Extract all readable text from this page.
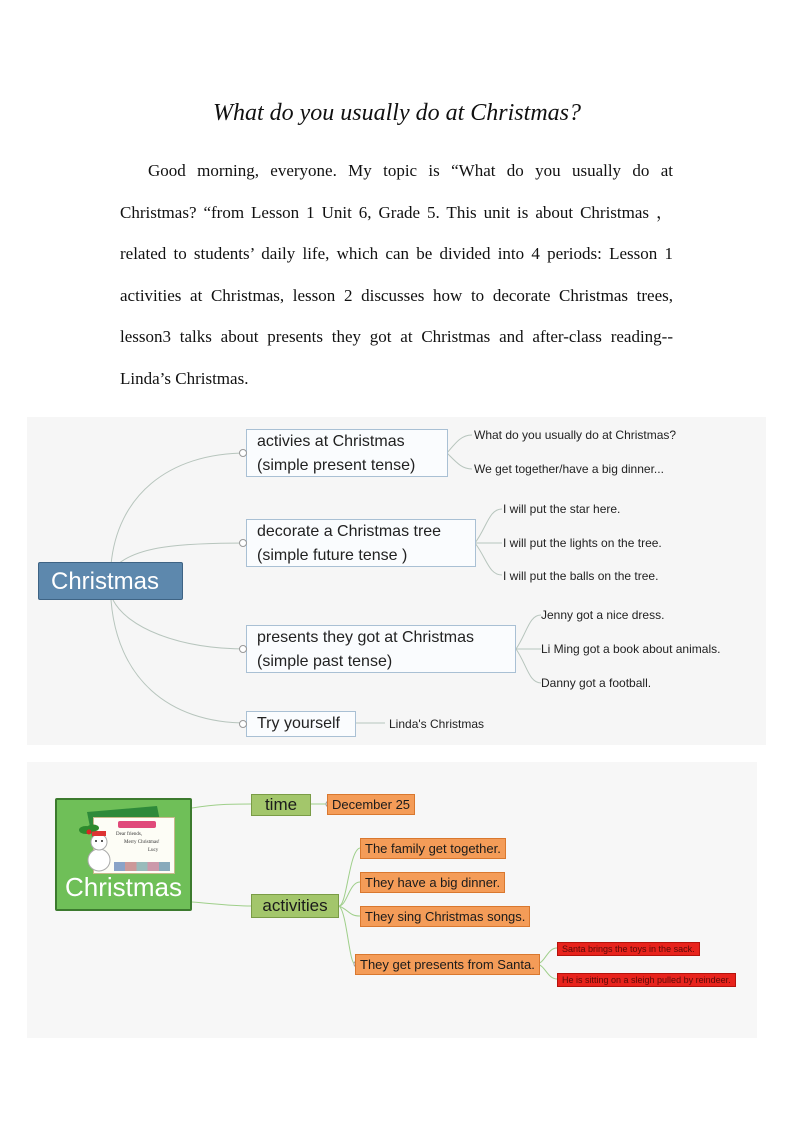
What do you usually do at Christmas?
Good morning, everyone. My topic is “What do you usually do at Christmas? “from Lesson 1 Unit 6, Grade 5. This unit is about Christmas ，related to students’ daily life, which can be divided into 4 periods: Lesson 1 activities at Christmas, lesson 2 discusses how to decorate Christmas trees, lesson3 talks about presents they got at Christmas and after-class reading-- Linda’s Christmas.
Christmas
activies at Christmas
(simple present tense)
What do you usually do at Christmas?
We get together/have a big dinner...
decorate a Christmas tree
(simple future tense )
I will put the star here.
I will put the lights on the tree.
I will put the balls on the tree.
presents they got at Christmas
(simple past tense)
Jenny got a nice dress.
Li Ming got a book about animals.
Danny got a football.
Try yourself	Linda's Christmas
Dear friends,
Merry Christmas!
Lucy
Christmas
time	December 25
activities
The family get together.
They have a big dinner.
They sing Christmas songs.
They get presents from Santa.
Santa brings the toys in the sack.
He is sitting on a sleigh pulled by reindeer.
